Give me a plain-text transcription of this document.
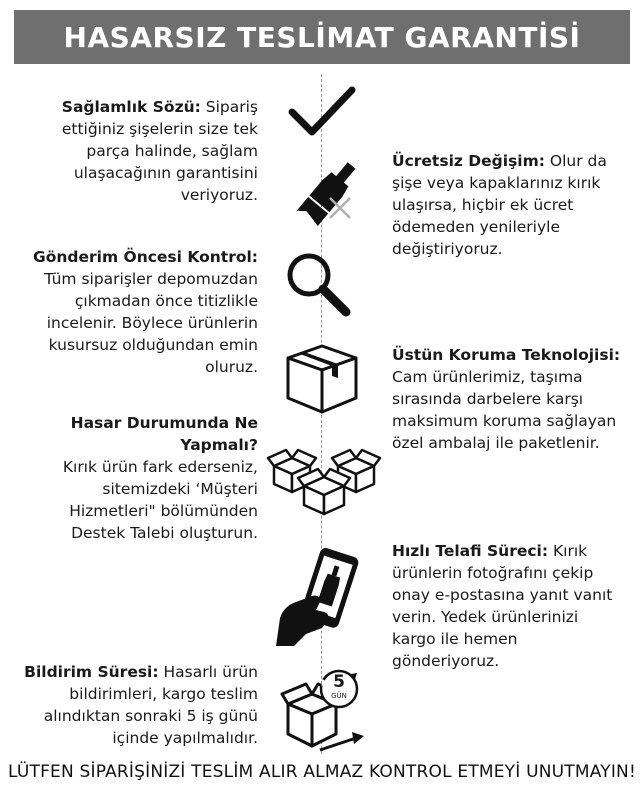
HASARSIZ TESLİMAT GARANTİSİ
Sağlamlık Sözü: Sipariş ettiğiniz şişelerin size tek parça halinde, sağlam ulaşacağının garantisini veriyoruz.
Gönderim Öncesi Kontrol:
Tüm siparişler depomuzdan çıkmadan önce titizlikle incelenir. Böylece ürünlerin kusursuz olduğundan emin oluruz.
Hasar Durumunda Ne Yapmalı?
Kırık ürün fark ederseniz, sitemizdeki ‘Müşteri Hizmetleri" bölümünden Destek Talebi oluşturun.
Bildirim Süresi: Hasarlı ürün bildirimleri, kargo teslim alındıktan sonraki 5 iş günü içinde yapılmalıdır.
Ücretsiz Değişim: Olur da şişe veya kapaklarınız kırık ulaşırsa, hiçbir ek ücret ödemeden yenileriyle değiştiriyoruz.
Üstün Koruma Teknolojisi:
Cam ürünlerimiz, taşıma sırasında darbelere karşı maksimum koruma sağlayan özel ambalaj ile paketlenir.
Hızlı Telafi Süreci: Kırık ürünlerin fotoğrafını çekip onay e-postasına yanıt vanıt verin. Yedek ürünlerinizi kargo ile hemen gönderiyoruz.
5
GÜN
LÜTFEN SİPARİŞİNİZİ TESLİM ALIR ALMAZ KONTROL ETMEYİ UNUTMAYIN!
